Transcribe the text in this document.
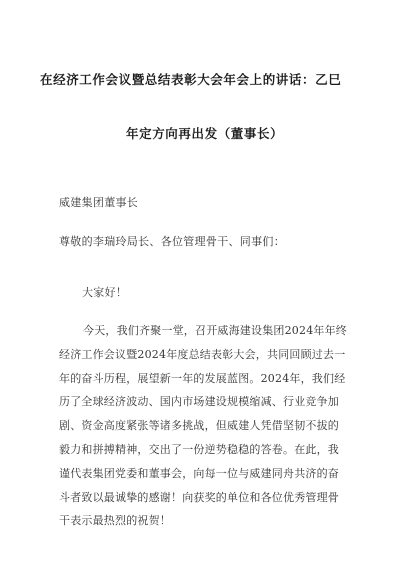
在经济工作会议暨总结表彰大会年会上的讲话：乙巳
年定方向再出发（董事长）
威建集团董事长
尊敬的李瑞玲局长、各位管理骨干、同事们：
大家好！
今天，我们齐聚一堂，召开威海建设集团2024年年终
经济工作会议暨2024年度总结表彰大会，共同回顾过去一
年的奋斗历程，展望新一年的发展蓝图。2024年，我们经
历了全球经济波动、国内市场建设规模缩减、行业竞争加
剧、资金高度紧张等诸多挑战，但威建人凭借坚韧不拔的
毅力和拼搏精神，交出了一份逆势稳稳的答卷。在此，我
谨代表集团党委和董事会，向每一位与威建同舟共济的奋
斗者致以最诚挚的感谢！向获奖的单位和各位优秀管理骨
干表示最热烈的祝贺！
